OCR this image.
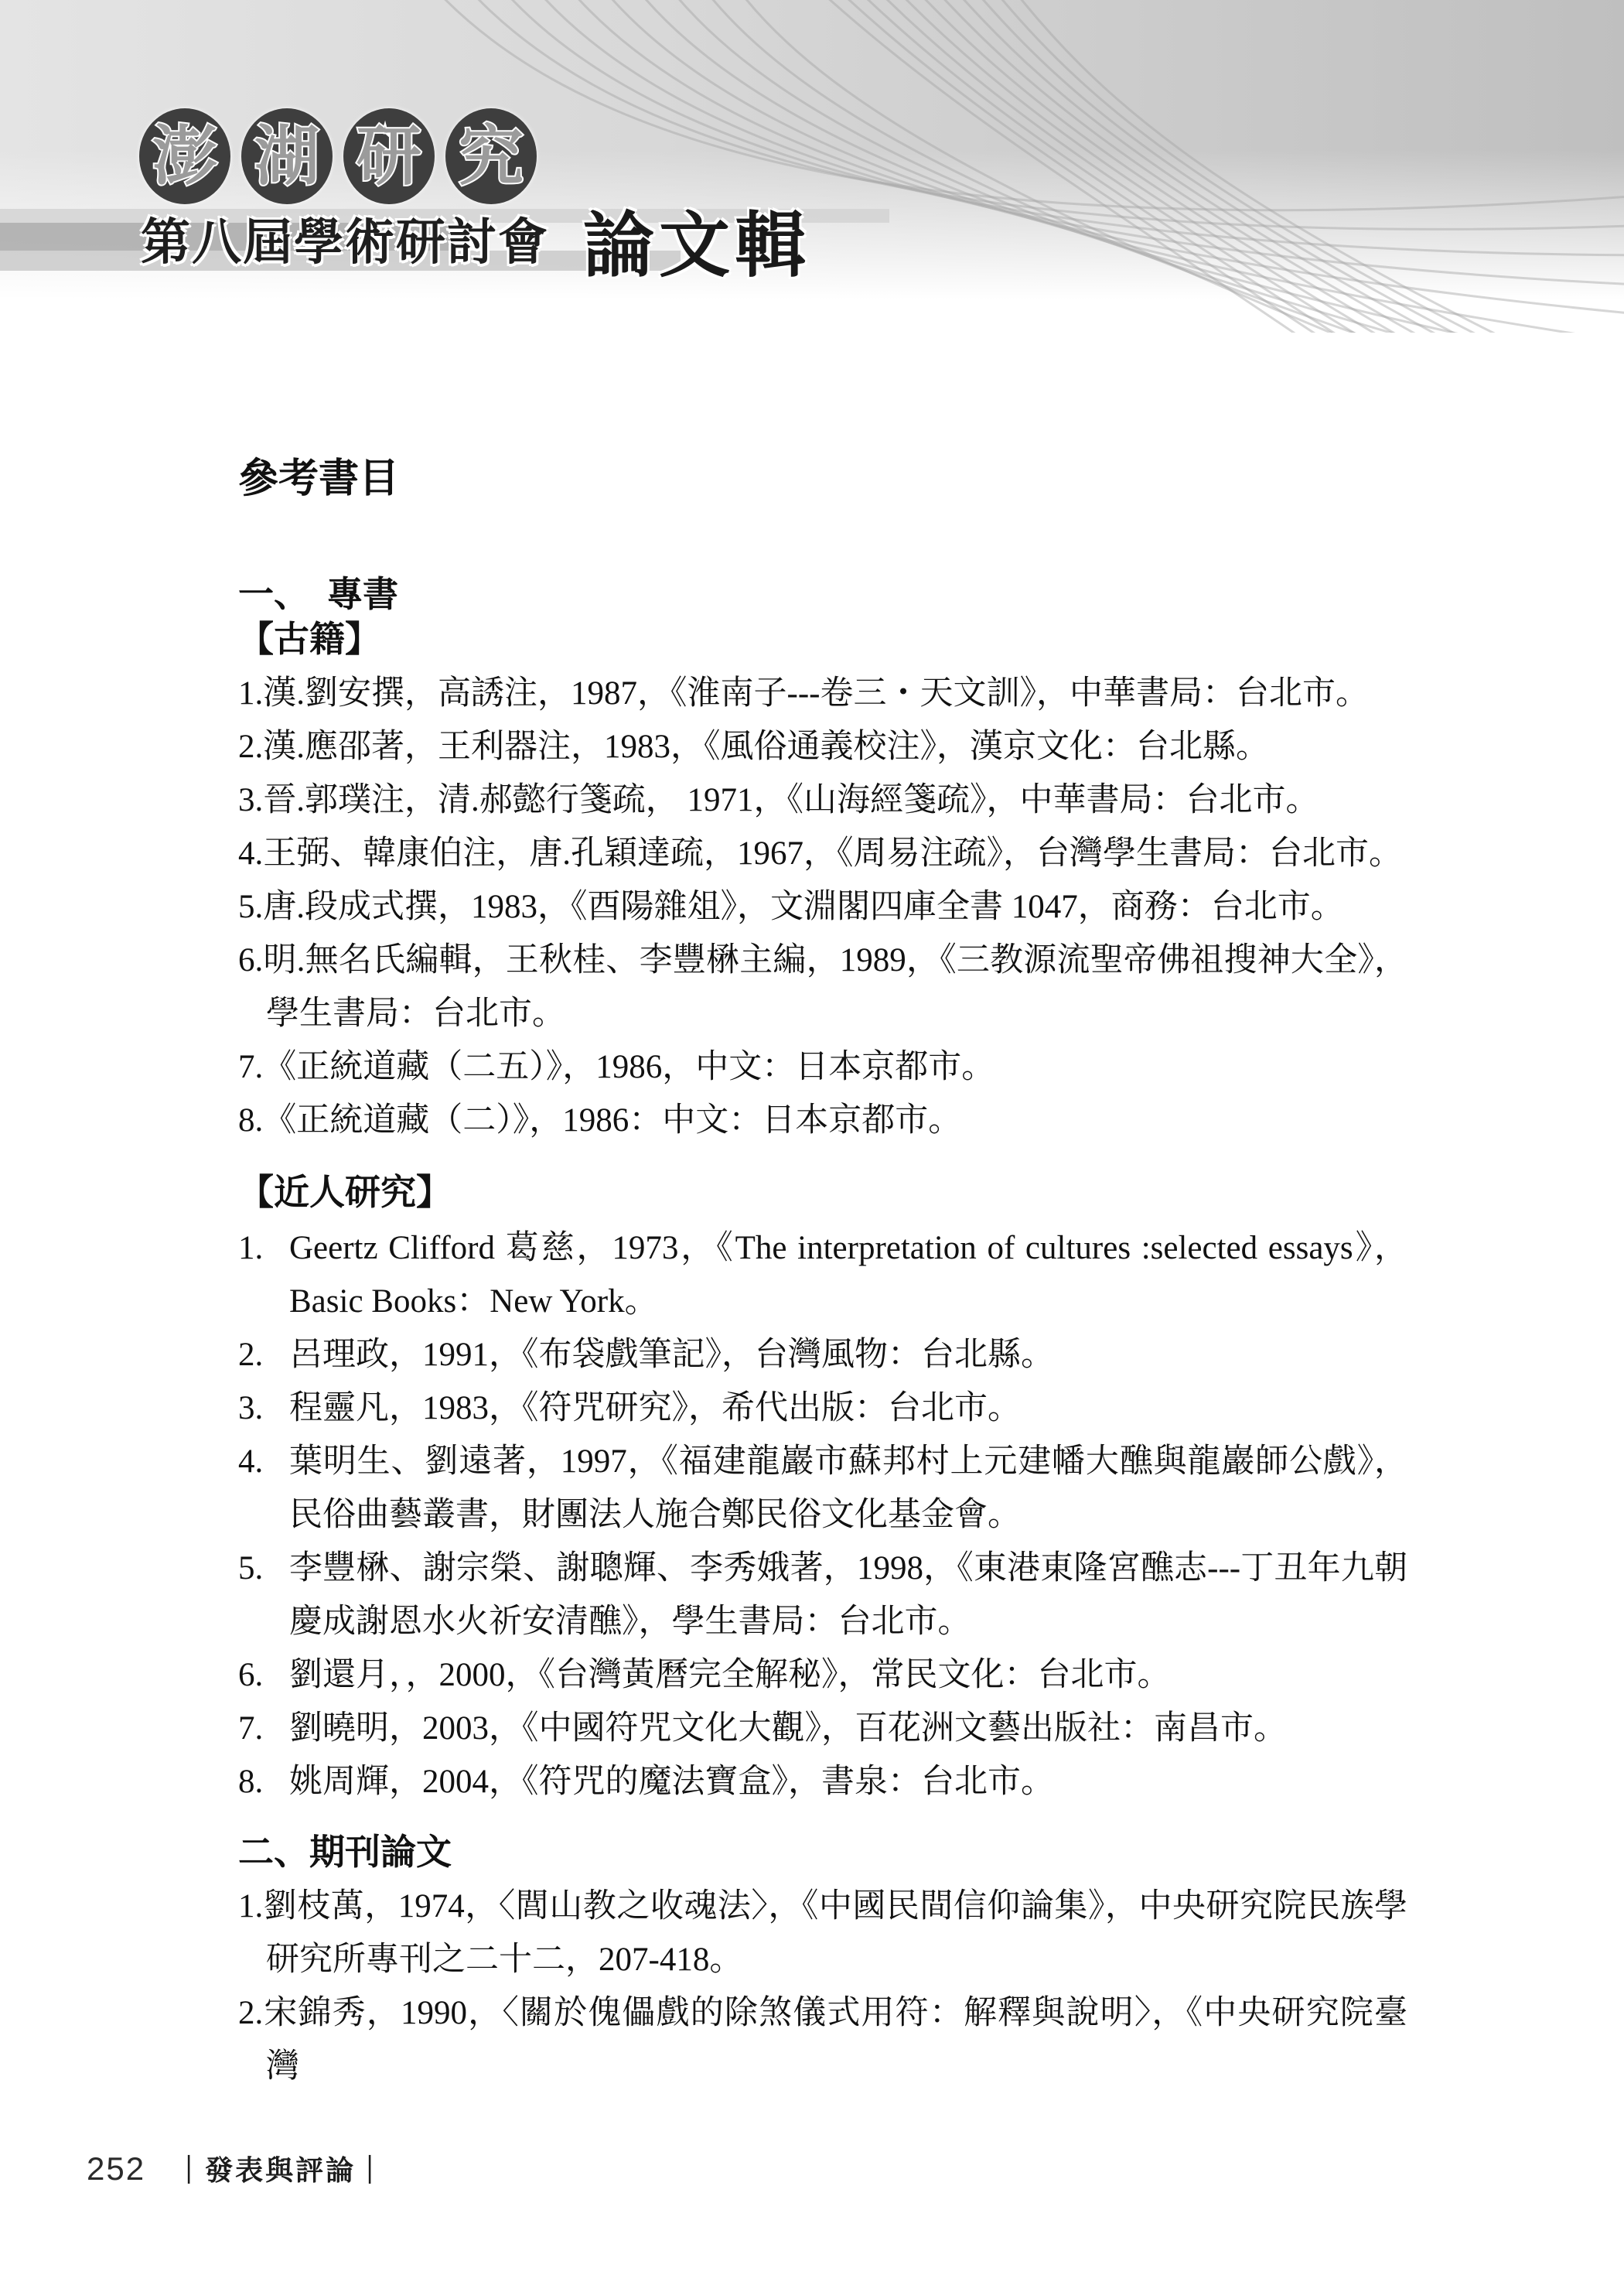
澎 湖 研 究
第八屆學術研討會 論文輯
參考書目
一、　專書
【古籍】
1.漢.劉安撰，高誘注，1987，《淮南子---卷三・天文訓》，中華書局：台北市。
2.漢.應邵著，王利器注，1983，《風俗通義校注》，漢京文化：台北縣。
3.晉.郭璞注，清.郝懿行箋疏， 1971，《山海經箋疏》，中華書局：台北市。
4.王弼、韓康伯注，唐.孔穎達疏，1967，《周易注疏》，台灣學生書局：台北市。
5.唐.段成式撰，1983，《酉陽雜俎》，文淵閣四庫全書 1047，商務：台北市。
6.明.無名氏編輯，王秋桂、李豐楙主編，1989，《三教源流聖帝佛祖搜神大全》，學生書局：台北市。
7.《正統道藏（二五）》，1986，中文：日本京都市。
8.《正統道藏（二）》，1986：中文：日本京都市。
【近人研究】
1. Geertz Clifford 葛慈，1973，《The interpretation of cultures :selected essays》，Basic Books：New York。
2. 呂理政，1991，《布袋戲筆記》，台灣風物：台北縣。
3. 程靈凡，1983，《符咒研究》，希代出版：台北市。
4. 葉明生、劉遠著，1997，《福建龍巖市蘇邦村上元建幡大醮與龍巖師公戲》，民俗曲藝叢書，財團法人施合鄭民俗文化基金會。
5. 李豐楙、謝宗榮、謝聰輝、李秀娥著，1998，《東港東隆宮醮志---丁丑年九朝慶成謝恩水火祈安清醮》，學生書局：台北市。
6. 劉還月，，2000，《台灣黃曆完全解秘》，常民文化：台北市。
7. 劉曉明，2003，《中國符咒文化大觀》，百花洲文藝出版社：南昌市。
8. 姚周輝，2004，《符咒的魔法寶盒》，書泉：台北市。
二、期刊論文
1.劉枝萬，1974，〈閭山教之收魂法〉，《中國民間信仰論集》，中央研究院民族學研究所專刊之二十二，207-418。
2.宋錦秀，1990，〈關於傀儡戲的除煞儀式用符：解釋與說明〉，《中央研究院臺灣
252 ｜發表與評論｜
